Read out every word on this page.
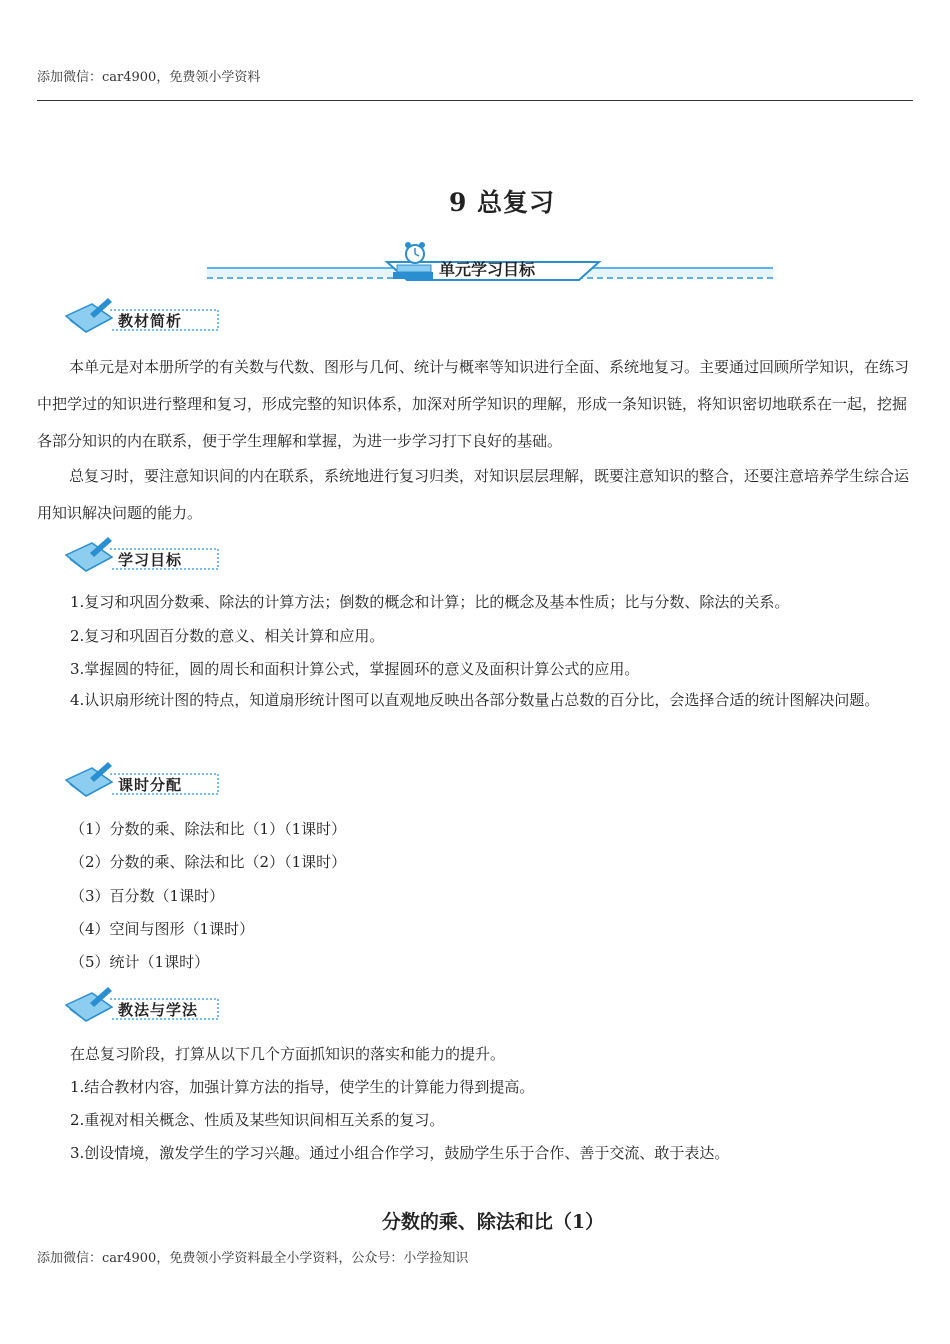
添加微信：car4900，免费领小学资料
9 总复习
单元学习目标
教材简析
本单元是对本册所学的有关数与代数、图形与几何、统计与概率等知识进行全面、系统地复习。主要通过回顾所学知识，在练习中把学过的知识进行整理和复习，形成完整的知识体系，加深对所学知识的理解，形成一条知识链，将知识密切地联系在一起，挖掘各部分知识的内在联系，便于学生理解和掌握，为进一步学习打下良好的基础。
总复习时，要注意知识间的内在联系，系统地进行复习归类，对知识层层理解，既要注意知识的整合，还要注意培养学生综合运用知识解决问题的能力。
学习目标
1.复习和巩固分数乘、除法的计算方法；倒数的概念和计算；比的概念及基本性质；比与分数、除法的关系。
2.复习和巩固百分数的意义、相关计算和应用。
3.掌握圆的特征，圆的周长和面积计算公式，掌握圆环的意义及面积计算公式的应用。
4.认识扇形统计图的特点，知道扇形统计图可以直观地反映出各部分数量占总数的百分比，会选择合适的统计图解决问题。
课时分配
（1）分数的乘、除法和比（1）（1课时）
（2）分数的乘、除法和比（2）（1课时）
（3）百分数（1课时）
（4）空间与图形（1课时）
（5）统计（1课时）
教法与学法
在总复习阶段，打算从以下几个方面抓知识的落实和能力的提升。
1.结合教材内容，加强计算方法的指导，使学生的计算能力得到提高。
2.重视对相关概念、性质及某些知识间相互关系的复习。
3.创设情境，激发学生的学习兴趣。通过小组合作学习，鼓励学生乐于合作、善于交流、敢于表达。
分数的乘、除法和比（1）
添加微信：car4900，免费领小学资料最全小学资料，公众号：小学捡知识
